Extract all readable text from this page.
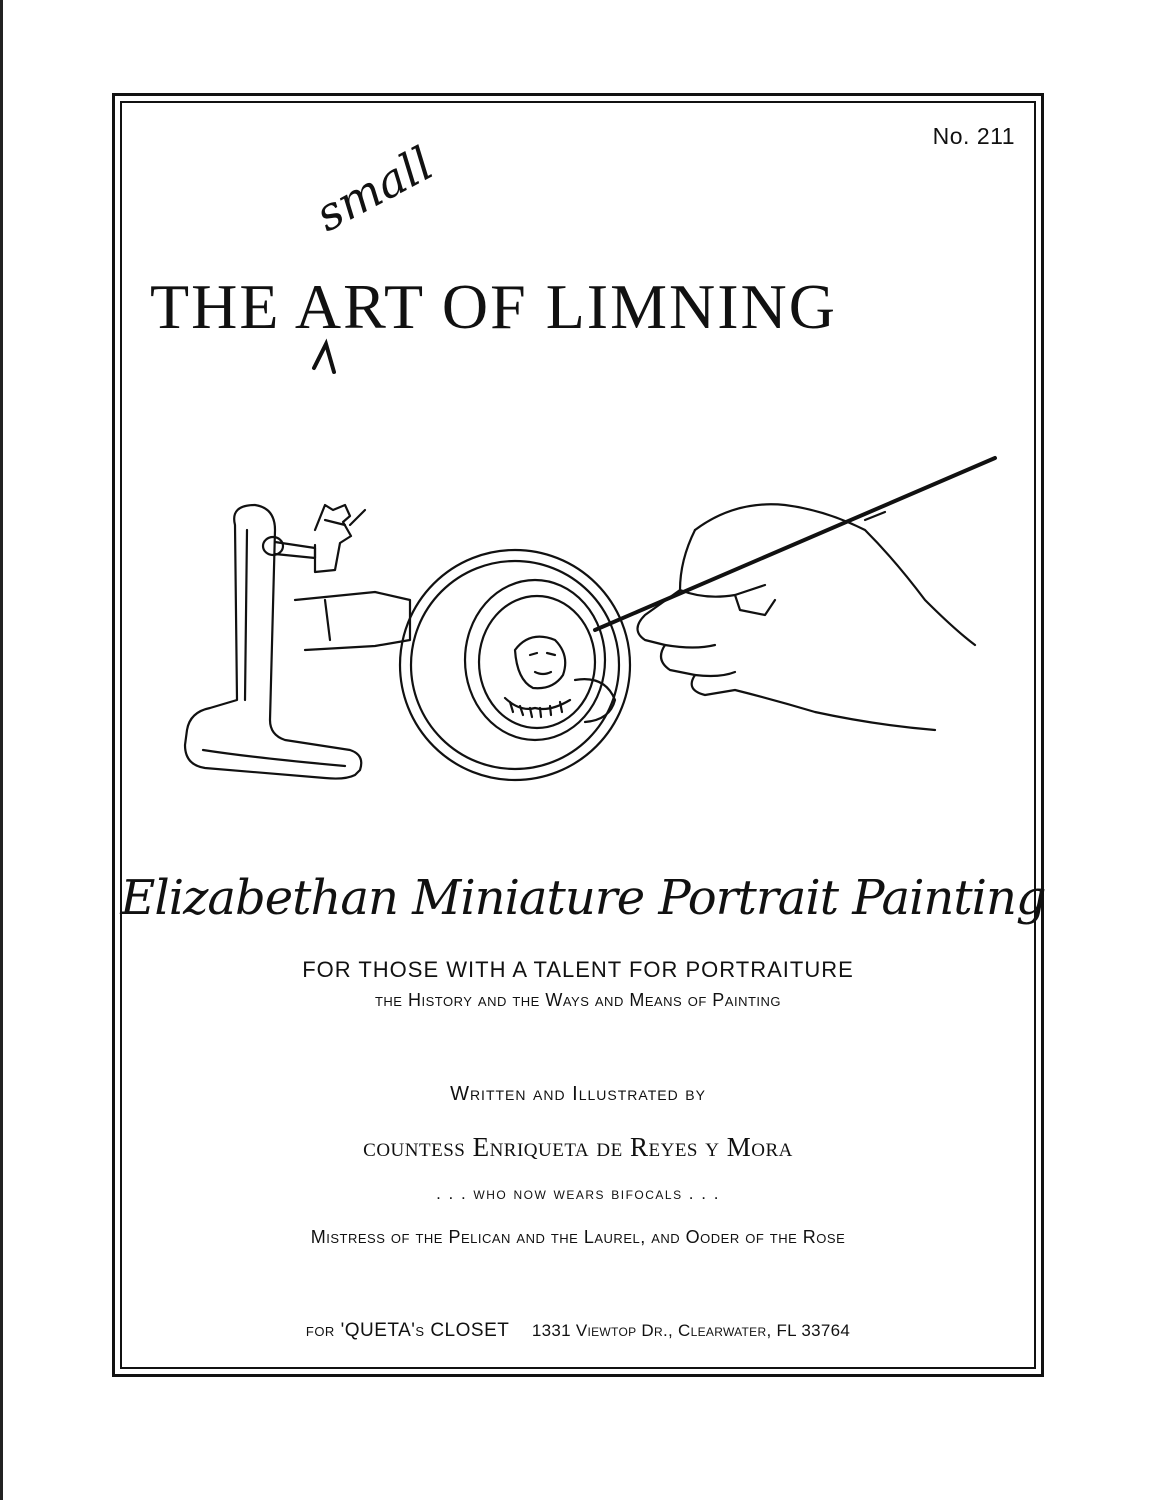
No. 211
small
THE ART OF LIMNING
Elizabethan Miniature Portrait Painting
FOR THOSE WITH A TALENT FOR PORTRAITURE
the History and the Ways and Means of Painting
Written and Illustrated by
countess Enriqueta de Reyes y Mora
. . . who now wears bifocals . . .
Mistress of the Pelican and the Laurel, and Ooder of the Rose
for 'QUETA's CLOSET 1331 Viewtop Dr., Clearwater, FL 33764
